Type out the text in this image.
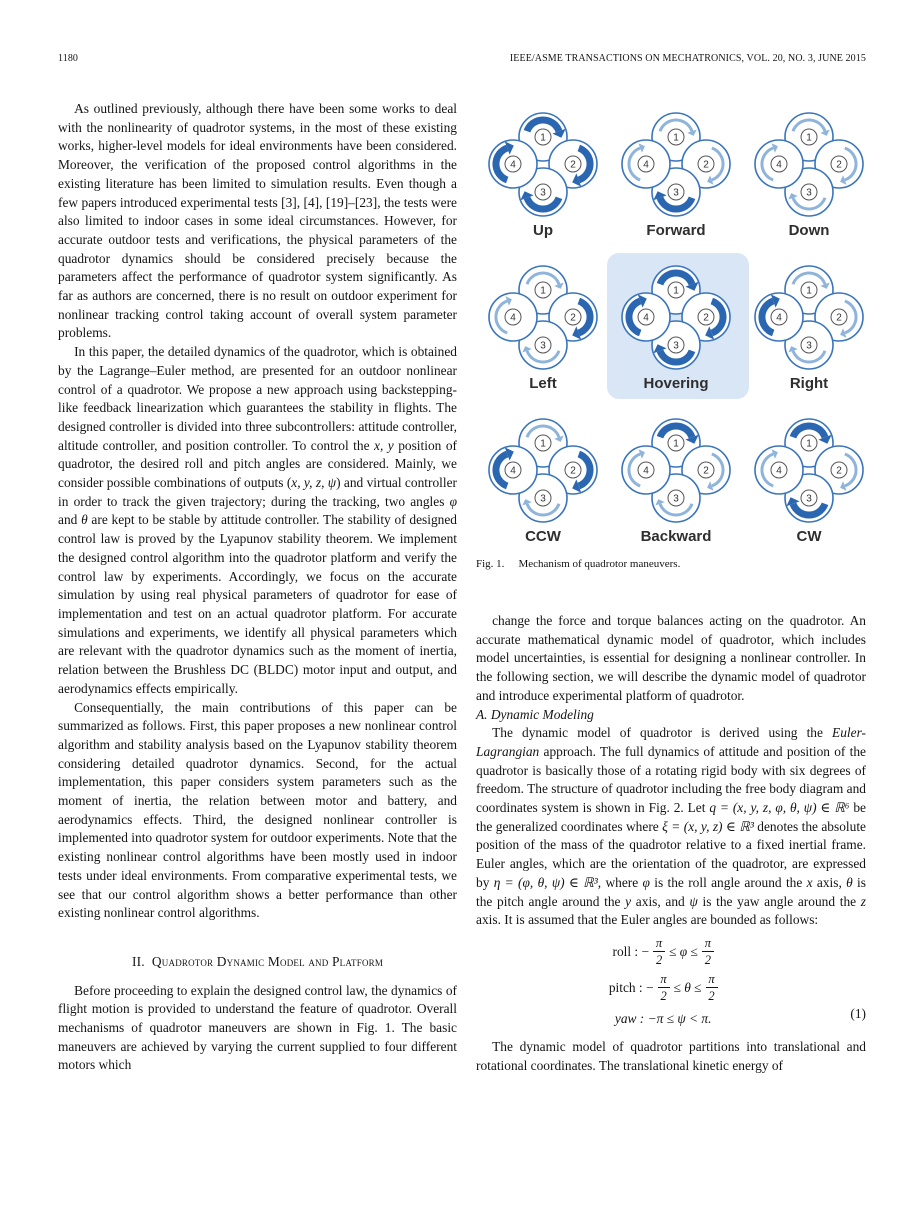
1180	IEEE/ASME TRANSACTIONS ON MECHATRONICS, VOL. 20, NO. 3, JUNE 2015

As outlined previously, although there have been some works to deal with the nonlinearity of quadrotor systems, in the most of these existing works, higher-level models for ideal environments have been considered. Moreover, the verification of the proposed control algorithms in the existing literature has been limited to simulation results. Even though a few papers introduced experimental tests [3], [4], [19]–[23], the tests were also limited to indoor cases in some ideal circumstances. However, for accurate outdoor tests and verifications, the physical parameters of the quadrotor dynamics should be considered precisely because the parameters affect the performance of quadrotor system significantly. As far as authors are concerned, there is no result on outdoor experiment for nonlinear tracking control taking account of overall system parameter problems.

In this paper, the detailed dynamics of the quadrotor, which is obtained by the Lagrange–Euler method, are presented for an outdoor nonlinear control of a quadrotor. We propose a new approach using backstepping-like feedback linearization which guarantees the stability in flights. The designed controller is divided into three subcontrollers: attitude controller, altitude controller, and position controller. To control the x, y position of quadrotor, the desired roll and pitch angles are considered. Mainly, we consider possible combinations of outputs (x, y, z, ψ) and virtual controller in order to track the given trajectory; during the tracking, two angles φ and θ are kept to be stable by attitude controller. The stability of designed control law is proved by the Lyapunov stability theorem. We implement the designed control algorithm into the quadrotor platform and verify the control law by experiments. Accordingly, we focus on the accurate simulation by using real physical parameters of quadrotor for ease of implementation and test on an actual quadrotor platform. For accurate simulations and experiments, we identify all physical parameters which are relevant with the quadrotor dynamics such as the moment of inertia, relation between the Brushless DC (BLDC) motor input and output, and aerodynamics effects empirically.

Consequentially, the main contributions of this paper can be summarized as follows. First, this paper proposes a new nonlinear control algorithm and stability analysis based on the Lyapunov stability theorem considering detailed quadrotor dynamics. Second, for the actual implementation, this paper considers system parameters such as the moment of inertia, the relation between motor and battery, and aerodynamics effects. Third, the designed nonlinear controller is implemented into quadrotor system for outdoor experiments. Note that the existing nonlinear control algorithms have been mostly used in indoor tests under ideal environments. From comparative experimental tests, we see that our control algorithm shows a better performance than other existing nonlinear control algorithms.

II. Quadrotor Dynamic Model and Platform

Before proceeding to explain the designed control law, the dynamics of flight motion is provided to understand the feature of quadrotor. Overall mechanisms of quadrotor maneuvers are shown in Fig. 1. The basic maneuvers are achieved by varying the current supplied to four different motors which

1
2
3
4
Up
1
2
3
4
Forward
1
2
3
4
Down
1
2
3
4
Left
1
2
3
4
Hovering
1
2
3
4
Right
1
2
3
4
CCW
1
2
3
4
Backward
1
2
3
4
CW
Fig. 1. Mechanism of quadrotor maneuvers.

change the force and torque balances acting on the quadrotor. An accurate mathematical dynamic model of quadrotor, which includes model uncertainties, is essential for designing a nonlinear controller. In the following section, we will describe the dynamic model of quadrotor and introduce experimental platform of quadrotor.

A. Dynamic Modeling

The dynamic model of quadrotor is derived using the Euler-Lagrangian approach. The full dynamics of attitude and position of the quadrotor is basically those of a rotating rigid body with six degrees of freedom. The structure of quadrotor including the free body diagram and coordinates system is shown in Fig. 2. Let q = (x, y, z, φ, θ, ψ) ∈ ℝ⁶ be the generalized coordinates where ξ = (x, y, z) ∈ ℝ³ denotes the absolute position of the mass of the quadrotor relative to a fixed inertial frame. Euler angles, which are the orientation of the quadrotor, are expressed by η = (φ, θ, ψ) ∈ ℝ³, where φ is the roll angle around the x axis, θ is the pitch angle around the y axis, and ψ is the yaw angle around the z axis. It is assumed that the Euler angles are bounded as follows:

roll : − $\frac{\pi}{2} \le \varphi \le \frac{\pi}{2}$
pitch : − $\frac{\pi}{2} \le \theta \le \frac{\pi}{2}$
yaw : −π ≤ ψ < π.	(1)

The dynamic model of quadrotor partitions into translational and rotational coordinates. The translational kinetic energy of
